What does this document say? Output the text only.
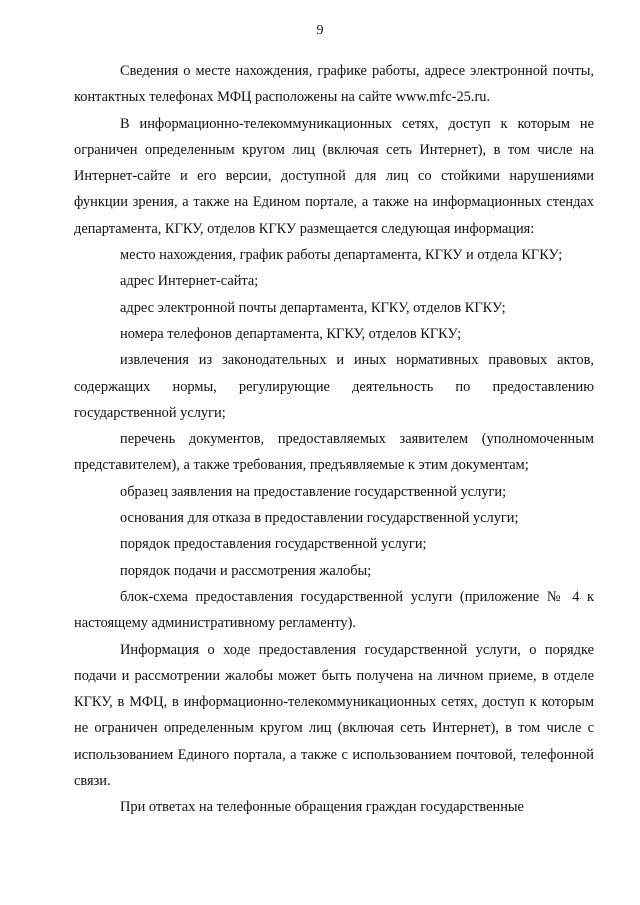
9

Сведения о месте нахождения, графике работы, адресе электронной почты, контактных телефонах МФЦ расположены на сайте www.mfc-25.ru.

В информационно-телекоммуникационных сетях, доступ к которым не ограничен определенным кругом лиц (включая сеть Интернет), в том числе на Интернет-сайте и его версии, доступной для лиц со стойкими нарушениями функции зрения, а также на Едином портале, а также на информационных стендах департамента, КГКУ, отделов КГКУ размещается следующая информация:

место нахождения, график работы департамента, КГКУ и отдела КГКУ;

адрес Интернет-сайта;

адрес электронной почты департамента, КГКУ, отделов КГКУ;

номера телефонов департамента, КГКУ, отделов КГКУ;

извлечения из законодательных и иных нормативных правовых актов, содержащих нормы, регулирующие деятельность по предоставлению государственной услуги;

перечень документов, предоставляемых заявителем (уполномоченным представителем), а также требования, предъявляемые к этим документам;

образец заявления на предоставление государственной услуги;

основания для отказа в предоставлении государственной услуги;

порядок предоставления государственной услуги;

порядок подачи и рассмотрения жалобы;

блок-схема предоставления государственной услуги (приложение № 4 к настоящему административному регламенту).

Информация о ходе предоставления государственной услуги, о порядке подачи и рассмотрении жалобы может быть получена на личном приеме, в отделе КГКУ, в МФЦ, в информационно-телекоммуникационных сетях, доступ к которым не ограничен определенным кругом лиц (включая сеть Интернет), в том числе с использованием Единого портала, а также с использованием почтовой, телефонной связи.

При ответах на телефонные обращения граждан государственные
